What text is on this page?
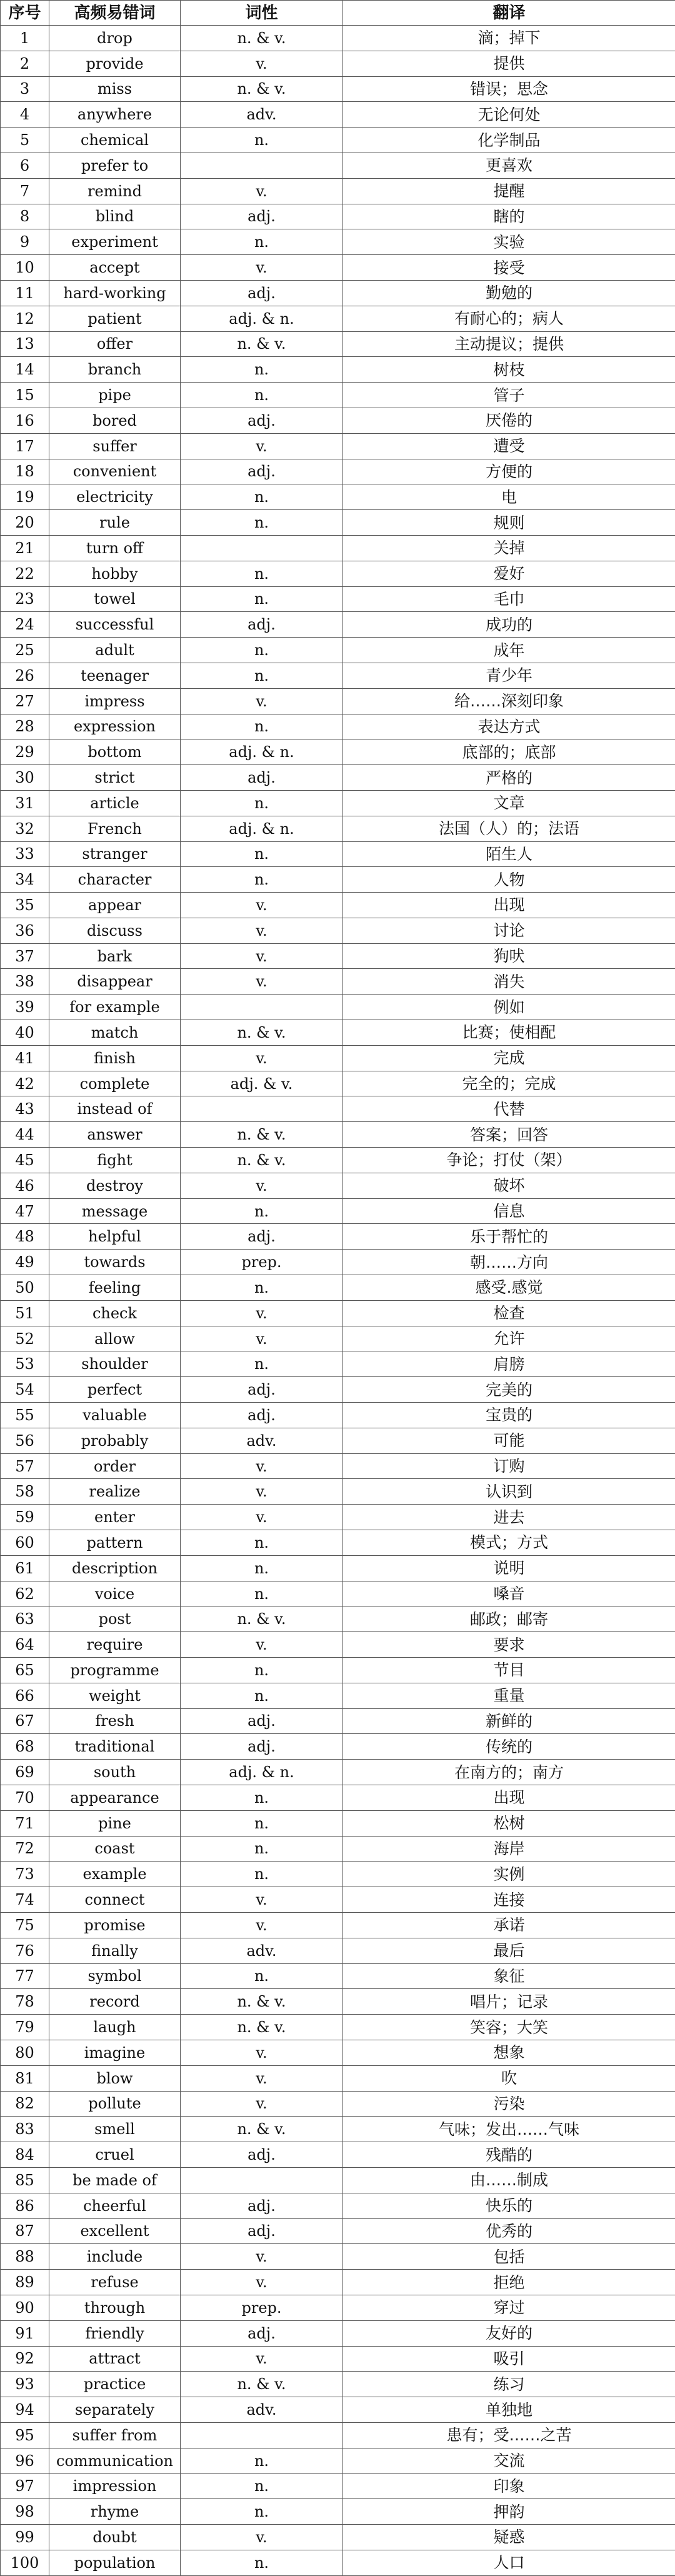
序号	高频易错词	词性	翻译
1	drop	n. & v.	滴；掉下
2	provide	v.	提供
3	miss	n. & v.	错误；思念
4	anywhere	adv.	无论何处
5	chemical	n.	化学制品
6	prefer to		更喜欢
7	remind	v.	提醒
8	blind	adj.	瞎的
9	experiment	n.	实验
10	accept	v.	接受
11	hard-working	adj.	勤勉的
12	patient	adj. & n.	有耐心的；病人
13	offer	n. & v.	主动提议；提供
14	branch	n.	树枝
15	pipe	n.	管子
16	bored	adj.	厌倦的
17	suffer	v.	遭受
18	convenient	adj.	方便的
19	electricity	n.	电
20	rule	n.	规则
21	turn off		关掉
22	hobby	n.	爱好
23	towel	n.	毛巾
24	successful	adj.	成功的
25	adult	n.	成年
26	teenager	n.	青少年
27	impress	v.	给……深刻印象
28	expression	n.	表达方式
29	bottom	adj. & n.	底部的；底部
30	strict	adj.	严格的
31	article	n.	文章
32	French	adj. & n.	法国（人）的；法语
33	stranger	n.	陌生人
34	character	n.	人物
35	appear	v.	出现
36	discuss	v.	讨论
37	bark	v.	狗吠
38	disappear	v.	消失
39	for example		例如
40	match	n. & v.	比赛；使相配
41	finish	v.	完成
42	complete	adj. & v.	完全的；完成
43	instead of		代替
44	answer	n. & v.	答案；回答
45	fight	n. & v.	争论；打仗（架）
46	destroy	v.	破坏
47	message	n.	信息
48	helpful	adj.	乐于帮忙的
49	towards	prep.	朝……方向
50	feeling	n.	感受.感觉
51	check	v.	检查
52	allow	v.	允许
53	shoulder	n.	肩膀
54	perfect	adj.	完美的
55	valuable	adj.	宝贵的
56	probably	adv.	可能
57	order	v.	订购
58	realize	v.	认识到
59	enter	v.	进去
60	pattern	n.	模式；方式
61	description	n.	说明
62	voice	n.	嗓音
63	post	n. & v.	邮政；邮寄
64	require	v.	要求
65	programme	n.	节目
66	weight	n.	重量
67	fresh	adj.	新鲜的
68	traditional	adj.	传统的
69	south	adj. & n.	在南方的；南方
70	appearance	n.	出现
71	pine	n.	松树
72	coast	n.	海岸
73	example	n.	实例
74	connect	v.	连接
75	promise	v.	承诺
76	finally	adv.	最后
77	symbol	n.	象征
78	record	n. & v.	唱片；记录
79	laugh	n. & v.	笑容；大笑
80	imagine	v.	想象
81	blow	v.	吹
82	pollute	v.	污染
83	smell	n. & v.	气味；发出……气味
84	cruel	adj.	残酷的
85	be made of		由……制成
86	cheerful	adj.	快乐的
87	excellent	adj.	优秀的
88	include	v.	包括
89	refuse	v.	拒绝
90	through	prep.	穿过
91	friendly	adj.	友好的
92	attract	v.	吸引
93	practice	n. & v.	练习
94	separately	adv.	单独地
95	suffer from		患有；受……之苦
96	communication	n.	交流
97	impression	n.	印象
98	rhyme	n.	押韵
99	doubt	v.	疑惑
100	population	n.	人口
